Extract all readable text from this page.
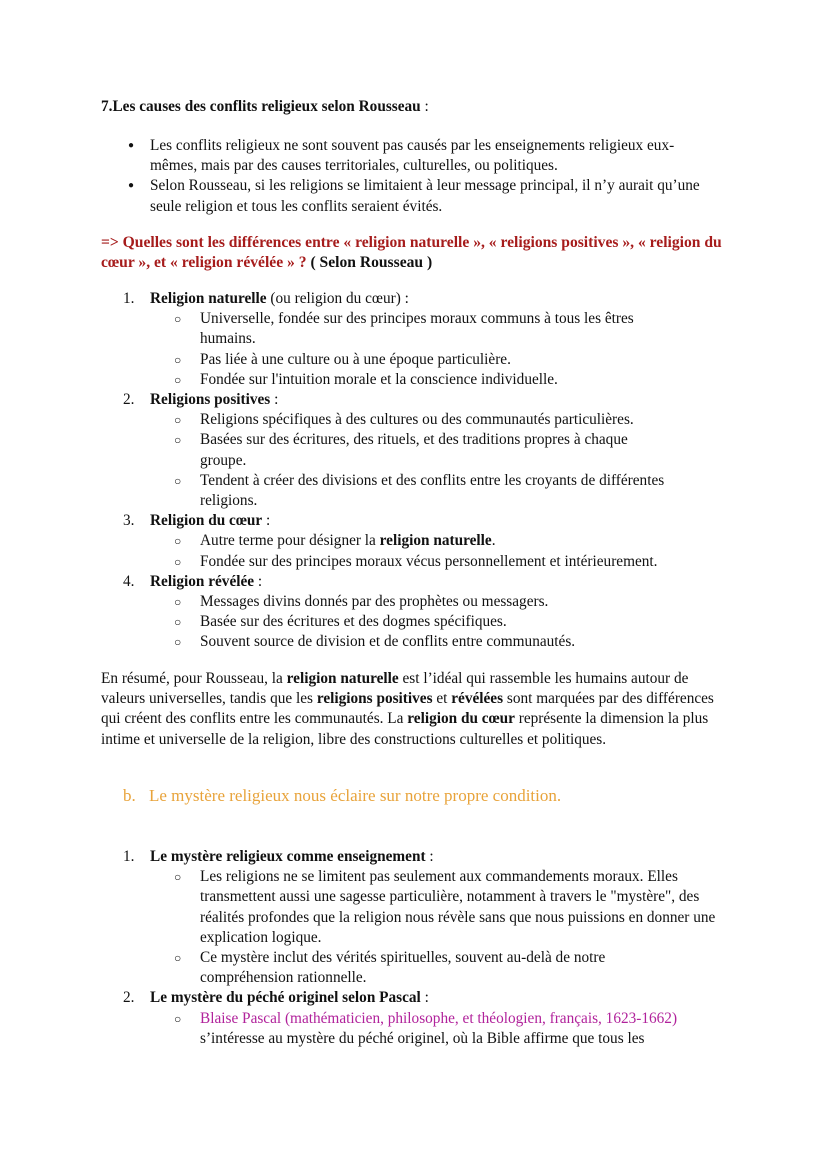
7.Les causes des conflits religieux selon Rousseau :
● Les conflits religieux ne sont souvent pas causés par les enseignements religieux eux-mêmes, mais par des causes territoriales, culturelles, ou politiques.
● Selon Rousseau, si les religions se limitaient à leur message principal, il n’y aurait qu’une seule religion et tous les conflits seraient évités.
=> Quelles sont les différences entre « religion naturelle », « religions positives », « religion du cœur », et « religion révélée » ? ( Selon Rousseau )
1. Religion naturelle (ou religion du cœur) :
○ Universelle, fondée sur des principes moraux communs à tous les êtres humains.
○ Pas liée à une culture ou à une époque particulière.
○ Fondée sur l'intuition morale et la conscience individuelle.
2. Religions positives :
○ Religions spécifiques à des cultures ou des communautés particulières.
○ Basées sur des écritures, des rituels, et des traditions propres à chaque groupe.
○ Tendent à créer des divisions et des conflits entre les croyants de différentes religions.
3. Religion du cœur :
○ Autre terme pour désigner la religion naturelle.
○ Fondée sur des principes moraux vécus personnellement et intérieurement.
4. Religion révélée :
○ Messages divins donnés par des prophètes ou messagers.
○ Basée sur des écritures et des dogmes spécifiques.
○ Souvent source de division et de conflits entre communautés.

En résumé, pour Rousseau, la religion naturelle est l’idéal qui rassemble les humains autour de valeurs universelles, tandis que les religions positives et révélées sont marquées par des différences qui créent des conflits entre les communautés. La religion du cœur représente la dimension la plus intime et universelle de la religion, libre des constructions culturelles et politiques.

b. Le mystère religieux nous éclaire sur notre propre condition.
1. Le mystère religieux comme enseignement :
○ Les religions ne se limitent pas seulement aux commandements moraux. Elles transmettent aussi une sagesse particulière, notamment à travers le "mystère", des réalités profondes que la religion nous révèle sans que nous puissions en donner une explication logique.
○ Ce mystère inclut des vérités spirituelles, souvent au-delà de notre compréhension rationnelle.
2. Le mystère du péché originel selon Pascal :
○ Blaise Pascal (mathématicien, philosophe, et théologien, français, 1623-1662) s’intéresse au mystère du péché originel, où la Bible affirme que tous les
